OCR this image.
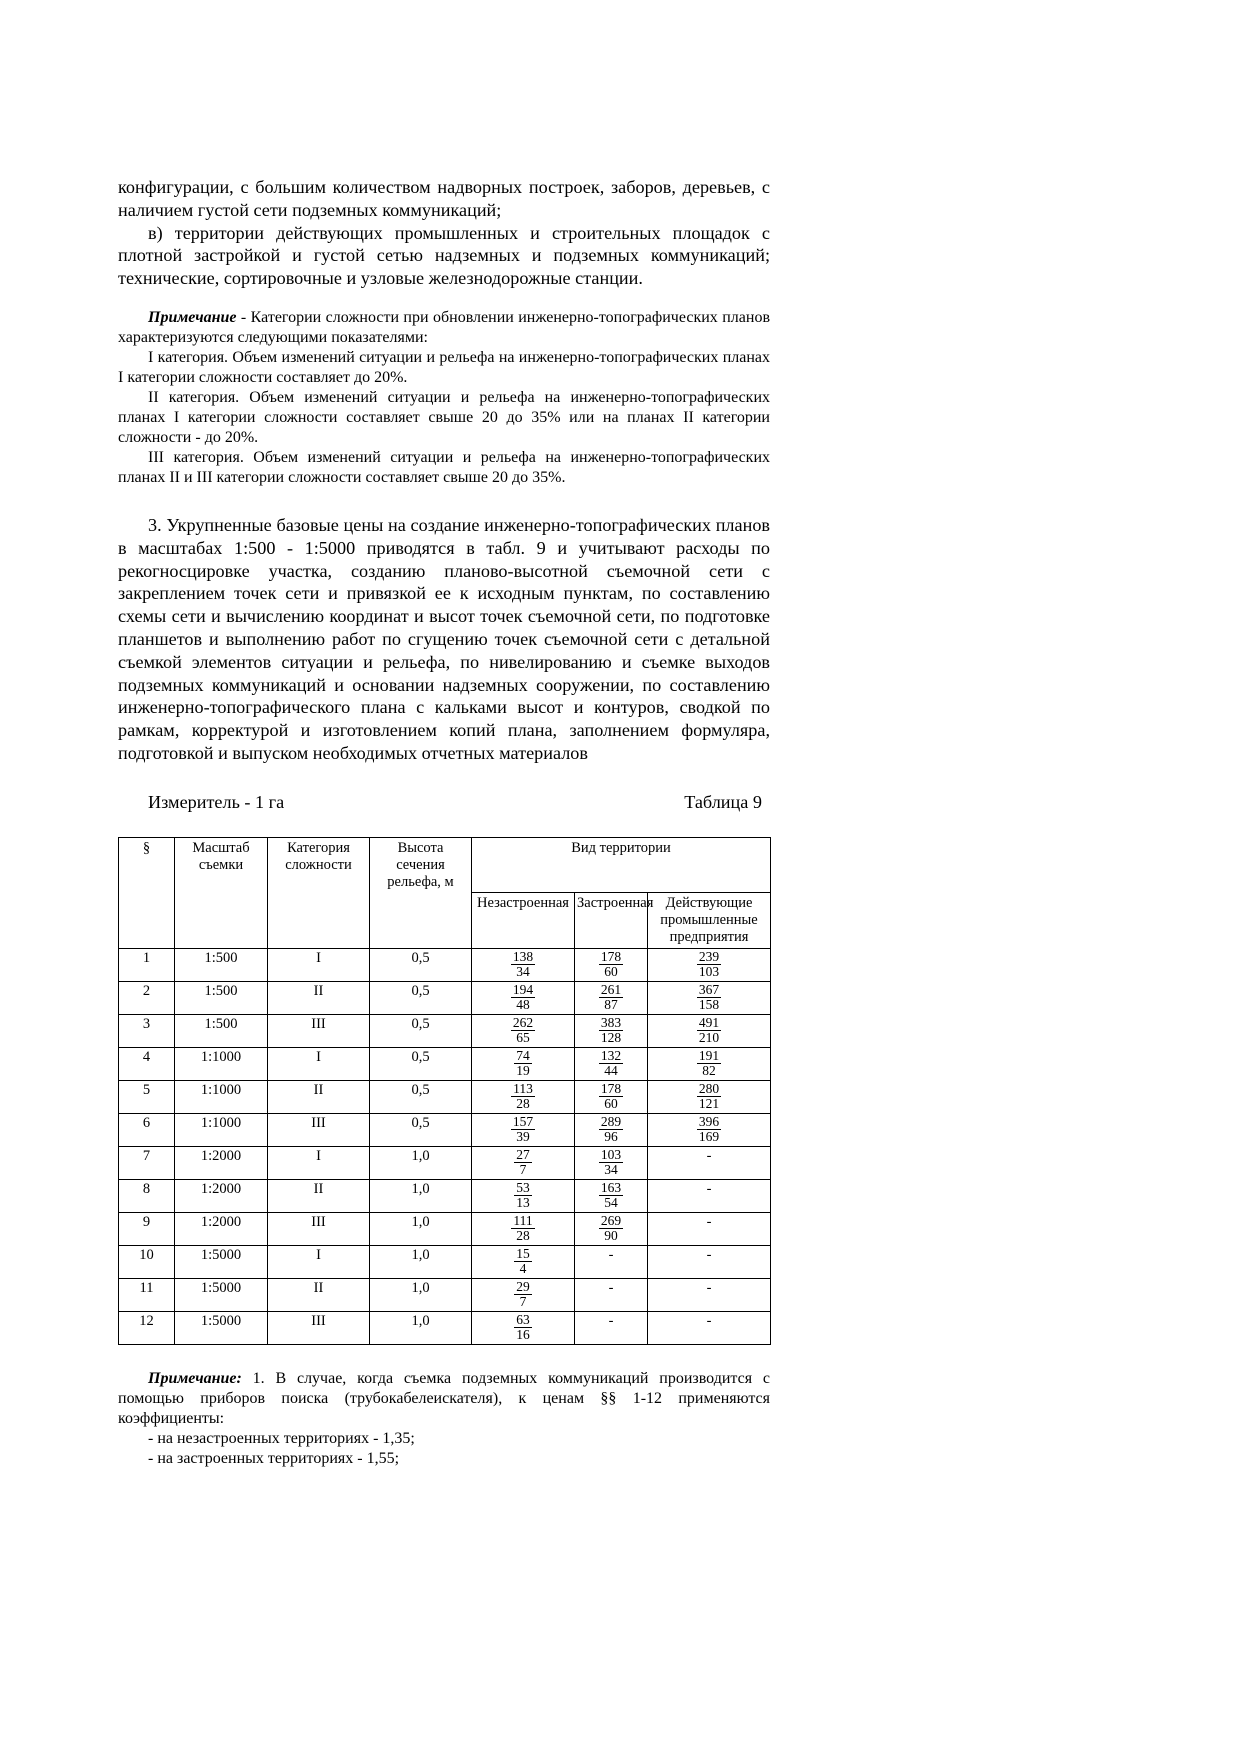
конфигурации, с большим количеством надворных построек, заборов, деревьев, с наличием густой сети подземных коммуникаций;

в) территории действующих промышленных и строительных площадок с плотной застройкой и густой сетью надземных и подземных коммуникаций; технические, сортировочные и узловые железнодорожные станции.

Примечание - Категории сложности при обновлении инженерно-топографических планов характеризуются следующими показателями:

I категория. Объем изменений ситуации и рельефа на инженерно-топографических планах I категории сложности составляет до 20%.

II категория. Объем изменений ситуации и рельефа на инженерно-топографических планах I категории сложности составляет свыше 20 до 35% или на планах II категории сложности - до 20%.

III категория. Объем изменений ситуации и рельефа на инженерно-топографических планах II и III категории сложности составляет свыше 20 до 35%.

3. Укрупненные базовые цены на создание инженерно-топографических планов в масштабах 1:500 - 1:5000 приводятся в табл. 9 и учитывают расходы по рекогносцировке участка, созданию планово-высотной съемочной сети с закреплением точек сети и привязкой ее к исходным пунктам, по составлению схемы сети и вычислению координат и высот точек съемочной сети, по подготовке планшетов и выполнению работ по сгущению точек съемочной сети с детальной съемкой элементов ситуации и рельефа, по нивелированию и съемке выходов подземных коммуникаций и основании надземных сооружении, по составлению инженерно-топографического плана с кальками высот и контуров, сводкой по рамкам, корректурой и изготовлением копий плана, заполнением формуляра, подготовкой и выпуском необходимых отчетных материалов

Измеритель - 1 га	Таблица 9
§	Масштаб съемки	Категория сложности	Высота сечения рельефа, м	Вид территории		
				Незастроенная	Застроенная	Действующие промышленные предприятия
1	1:500	I	0,5	$\frac{138}{34}$	$\frac{178}{60}$	$\frac{239}{103}$

2	1:500	II	0,5	$\frac{194}{48}$	$\frac{261}{87}$	$\frac{367}{158}$

3	1:500	III	0,5	$\frac{262}{65}$	$\frac{383}{128}$	$\frac{491}{210}$

4	1:1000	I	0,5	$\frac{74}{19}$	$\frac{132}{44}$	$\frac{191}{82}$

5	1:1000	II	0,5	$\frac{113}{28}$	$\frac{178}{60}$	$\frac{280}{121}$

6	1:1000	III	0,5	$\frac{157}{39}$	$\frac{289}{96}$	$\frac{396}{169}$

7	1:2000	I	1,0	$\frac{27}{7}$	$\frac{103}{34}$	-
8	1:2000	II	1,0	$\frac{53}{13}$	$\frac{163}{54}$	-
9	1:2000	III	1,0	$\frac{111}{28}$	$\frac{269}{90}$	-
10	1:5000	I	1,0	$\frac{15}{4}$	-	-
11	1:5000	II	1,0	$\frac{29}{7}$	-	-
12	1:5000	III	1,0	$\frac{63}{16}$	-	-

Примечание: 1. В случае, когда съемка подземных коммуникаций производится с помощью приборов поиска (трубокабелеискателя), к ценам §§ 1-12 применяются коэффициенты:

- на незастроенных территориях - 1,35;

- на застроенных территориях - 1,55;
